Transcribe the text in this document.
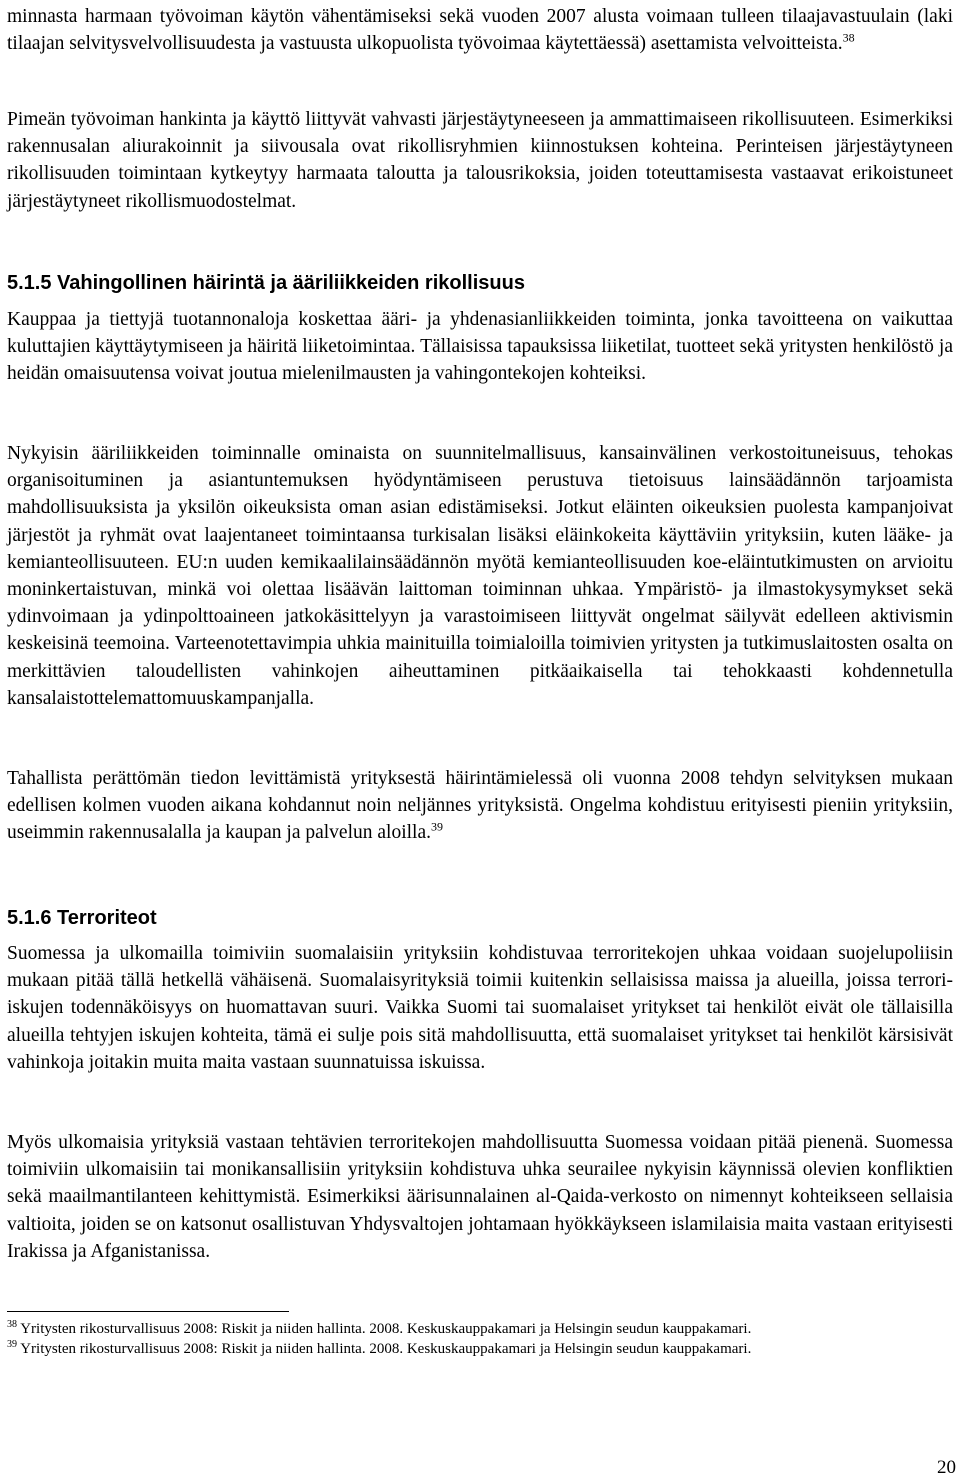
minnasta harmaan työvoiman käytön vähentämiseksi sekä vuoden 2007 alusta voimaan tulleen tilaajavastuulain (laki tilaajan selvitysvelvollisuudesta ja vastuusta ulkopuolista työvoimaa käytettäessä) asettamista velvoitteista.$^{38}$

Pimeän työvoiman hankinta ja käyttö liittyvät vahvasti järjestäytyneeseen ja ammattimaiseen rikollisuuteen. Esimerkiksi rakennusalan aliurakoinnit ja siivousala ovat rikollisryhmien kiinnostuksen kohteina. Perinteisen järjestäytyneen rikollisuuden toimintaan kytkeytyy harmaata taloutta ja talousrikoksia, joiden toteuttamisesta vastaavat erikoistuneet järjestäytyneet rikollismuodostelmat.

5.1.5 Vahingollinen häirintä ja ääriliikkeiden rikollisuus

Kauppaa ja tiettyjä tuotannonaloja koskettaa ääri- ja yhdenasianliikkeiden toiminta, jonka tavoitteena on vaikuttaa kuluttajien käyttäytymiseen ja häiritä liiketoimintaa. Tällaisissa tapauksissa liiketilat, tuotteet sekä yritysten henkilöstö ja heidän omaisuutensa voivat joutua mielenilmausten ja vahingontekojen kohteiksi.

Nykyisin ääriliikkeiden toiminnalle ominaista on suunnitelmallisuus, kansainvälinen verkostoituneisuus, tehokas organisoituminen ja asiantuntemuksen hyödyntämiseen perustuva tietoisuus lainsäädännön tarjoamista mahdollisuuksista ja yksilön oikeuksista oman asian edistämiseksi. Jotkut eläinten oikeuksien puolesta kampanjoivat järjestöt ja ryhmät ovat laajentaneet toimintaansa turkisalan lisäksi eläinkokeita käyttäviin yrityksiin, kuten lääke- ja kemianteollisuuteen. EU:n uuden kemikaalilainsäädännön myötä kemianteollisuuden koe-eläintutkimusten on arvioitu moninkertaistuvan, minkä voi olettaa lisäävän laittoman toiminnan uhkaa. Ympäristö- ja ilmastokysymykset sekä ydinvoimaan ja ydinpolttoaineen jatkokäsittelyyn ja varastoimiseen liittyvät ongelmat säilyvät edelleen aktivismin keskeisinä teemoina. Varteenotettavimpia uhkia mainituilla toimialoilla toimivien yritysten ja tutkimuslaitosten osalta on merkittävien taloudellisten vahinkojen aiheuttaminen pitkäaikaisella tai tehokkaasti kohdennetulla kansalaistottelemattomuuskampanjalla.

Tahallista perättömän tiedon levittämistä yrityksestä häirintämielessä oli vuonna 2008 tehdyn selvityksen mukaan edellisen kolmen vuoden aikana kohdannut noin neljännes yrityksistä. Ongelma kohdistuu erityisesti pieniin yrityksiin, useimmin rakennusalalla ja kaupan ja palvelun aloilla.$^{39}$

5.1.6 Terroriteot

Suomessa ja ulkomailla toimiviin suomalaisiin yrityksiin kohdistuvaa terroritekojen uhkaa voidaan suojelupoliisin mukaan pitää tällä hetkellä vähäisenä. Suomalaisyrityksiä toimii kuitenkin sellaisissa maissa ja alueilla, joissa terrori-iskujen todennäköisyys on huomattavan suuri. Vaikka Suomi tai suomalaiset yritykset tai henkilöt eivät ole tällaisilla alueilla tehtyjen iskujen kohteita, tämä ei sulje pois sitä mahdollisuutta, että suomalaiset yritykset tai henkilöt kärsisivät vahinkoja joitakin muita maita vastaan suunnatuissa iskuissa.

Myös ulkomaisia yrityksiä vastaan tehtävien terroritekojen mahdollisuutta Suomessa voidaan pitää pienenä. Suomessa toimiviin ulkomaisiin tai monikansallisiin yrityksiin kohdistuva uhka seurailee nykyisin käynnissä olevien konfliktien sekä maailmantilanteen kehittymistä. Esimerkiksi äärisunnalainen al-Qaida-verkosto on nimennyt kohteikseen sellaisia valtioita, joiden se on katsonut osallistuvan Yhdysvaltojen johtamaan hyökkäykseen islamilaisia maita vastaan erityisesti Irakissa ja Afganistanissa.

$^{38}$ Yritysten rikosturvallisuus 2008: Riskit ja niiden hallinta. 2008. Keskuskauppakamari ja Helsingin seudun kauppakamari.

$^{39}$ Yritysten rikosturvallisuus 2008: Riskit ja niiden hallinta. 2008. Keskuskauppakamari ja Helsingin seudun kauppakamari.

20
